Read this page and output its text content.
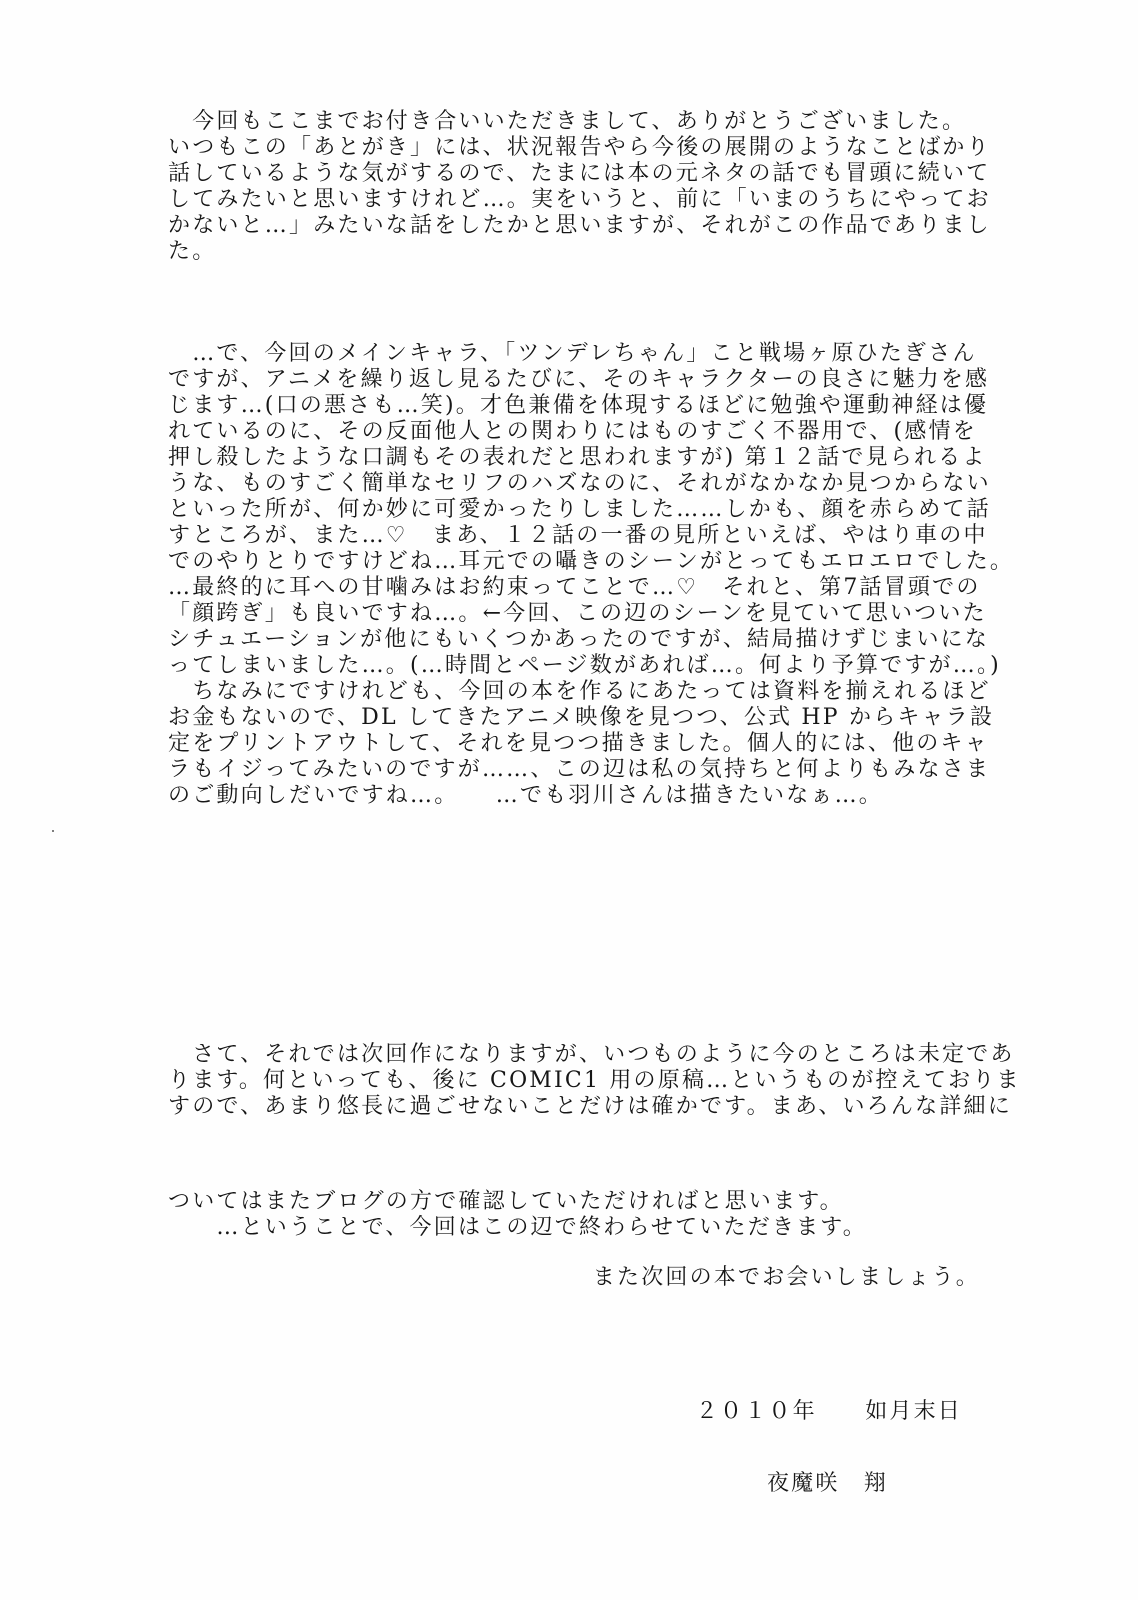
　今回もここまでお付き合いいただきまして、ありがとうございました。
いつもこの「あとがき」には、状況報告やら今後の展開のようなことばかり
話しているような気がするので、たまには本の元ネタの話でも冒頭に続いて
してみたいと思いますけれど…。実をいうと、前に「いまのうちにやってお
かないと…」みたいな話をしたかと思いますが、それがこの作品でありまし
た。
　…で、今回のメインキャラ、「ツンデレちゃん」こと戦場ヶ原ひたぎさん
ですが、アニメを繰り返し見るたびに、そのキャラクターの良さに魅力を感
じます…(口の悪さも…笑)。才色兼備を体現するほどに勉強や運動神経は優
れているのに、その反面他人との関わりにはものすごく不器用で、(感情を
押し殺したような口調もその表れだと思われますが) 第１２話で見られるよ
うな、ものすごく簡単なセリフのハズなのに、それがなかなか見つからない
といった所が、何か妙に可愛かったりしました……しかも、顔を赤らめて話
すところが、また…♡　まあ、１２話の一番の見所といえば、やはり車の中
でのやりとりですけどね…耳元での囁きのシーンがとってもエロエロでした。
…最終的に耳への甘噛みはお約束ってことで…♡　それと、第7話冒頭での
「顔跨ぎ」も良いですね…。←今回、この辺のシーンを見ていて思いついた
シチュエーションが他にもいくつかあったのですが、結局描けずじまいにな
ってしまいました…。(…時間とページ数があれば…。何より予算ですが…。)
　ちなみにですけれども、今回の本を作るにあたっては資料を揃えれるほど
お金もないので、DL してきたアニメ映像を見つつ、公式 HP からキャラ設
定をプリントアウトして、それを見つつ描きました。個人的には、他のキャ
ラもイジってみたいのですが……、この辺は私の気持ちと何よりもみなさま
のご動向しだいですね…。　　…でも羽川さんは描きたいなぁ…。
　さて、それでは次回作になりますが、いつものように今のところは未定であ
ります。何といっても、後に COMIC1 用の原稿…というものが控えておりま
すので、あまり悠長に過ごせないことだけは確かです。まあ、いろんな詳細に
ついてはまたブログの方で確認していただければと思います。
　　…ということで、今回はこの辺で終わらせていただきます。
また次回の本でお会いしましょう。
２０１０年　　如月末日
夜魔咲　翔
